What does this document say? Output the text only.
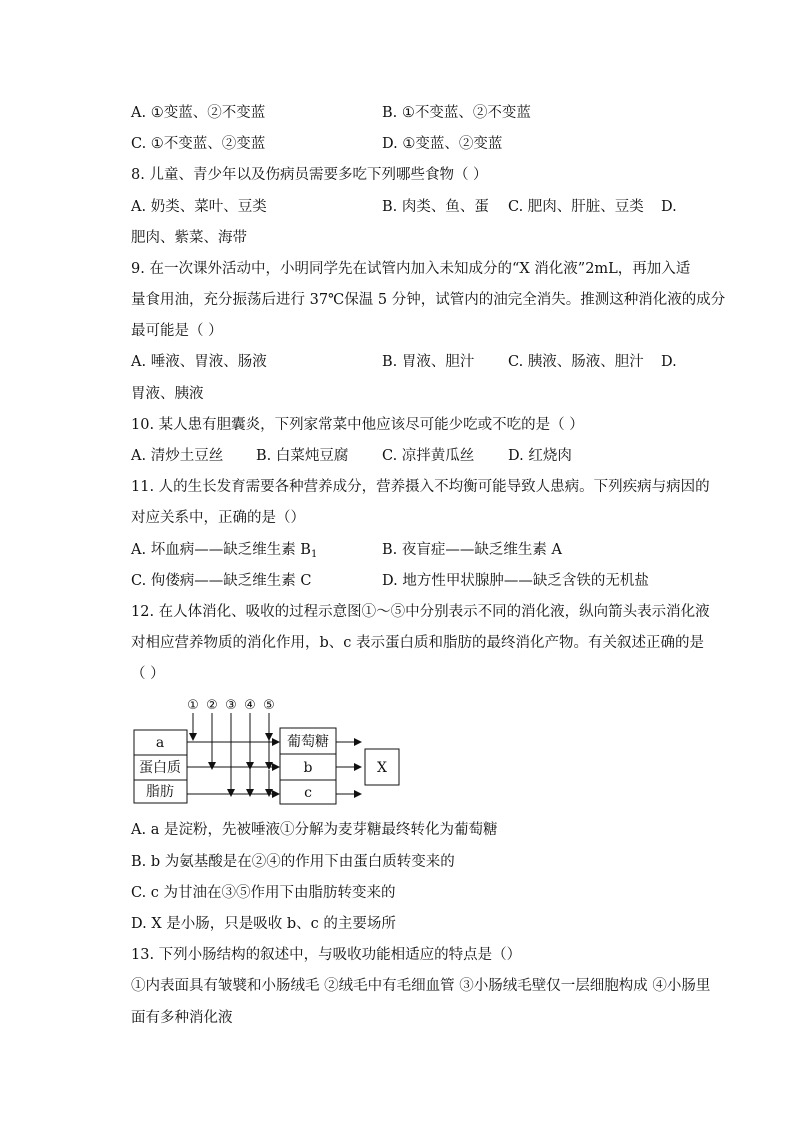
A. ①变蓝、②不变蓝	B. ①不变蓝、②不变蓝
C. ①不变蓝、②变蓝	D. ①变蓝、②变蓝
8. 儿童、青少年以及伤病员需要多吃下列哪些食物（ ）
A. 奶类、菜叶、豆类	B. 肉类、鱼、蛋 C. 肥肉、肝脏、豆类 D.
肥肉、紫菜、海带
9. 在一次课外活动中，小明同学先在试管内加入未知成分的“X 消化液”2mL，再加入适
量食用油，充分振荡后进行 37℃保温 5 分钟，试管内的油完全消失。推测这种消化液的成分
最可能是（ ）
A. 唾液、胃液、肠液	B. 胃液、胆汁 C. 胰液、肠液、胆汁 D.
胃液、胰液
10. 某人患有胆囊炎，下列家常菜中他应该尽可能少吃或不吃的是（ ）
A. 清炒土豆丝 B. 白菜炖豆腐 C. 凉拌黄瓜丝 D. 红烧肉
11. 人的生长发育需要各种营养成分，营养摄入不均衡可能导致人患病。下列疾病与病因的
对应关系中，正确的是（）
A. 坏血病——缺乏维生素 $B_1$	B. 夜盲症——缺乏维生素 A
C. 佝偻病——缺乏维生素 C	D. 地方性甲状腺肿——缺乏含铁的无机盐
12. 在人体消化、吸收的过程示意图①～⑤中分别表示不同的消化液，纵向箭头表示消化液
对相应营养物质的消化作用，b、c 表示蛋白质和脂肪的最终消化产物。有关叙述正确的是
（ ）
① ② ③ ④ ⑤
a
蛋白质
脂肪
葡萄糖
b
c
X
A. a 是淀粉，先被唾液①分解为麦芽糖最终转化为葡萄糖
B. b 为氨基酸是在②④的作用下由蛋白质转变来的
C. c 为甘油在③⑤作用下由脂肪转变来的
D. X 是小肠，只是吸收 b、c 的主要场所
13. 下列小肠结构的叙述中，与吸收功能相适应的特点是（）
①内表面具有皱襞和小肠绒毛 ②绒毛中有毛细血管 ③小肠绒毛壁仅一层细胞构成 ④小肠里
面有多种消化液
